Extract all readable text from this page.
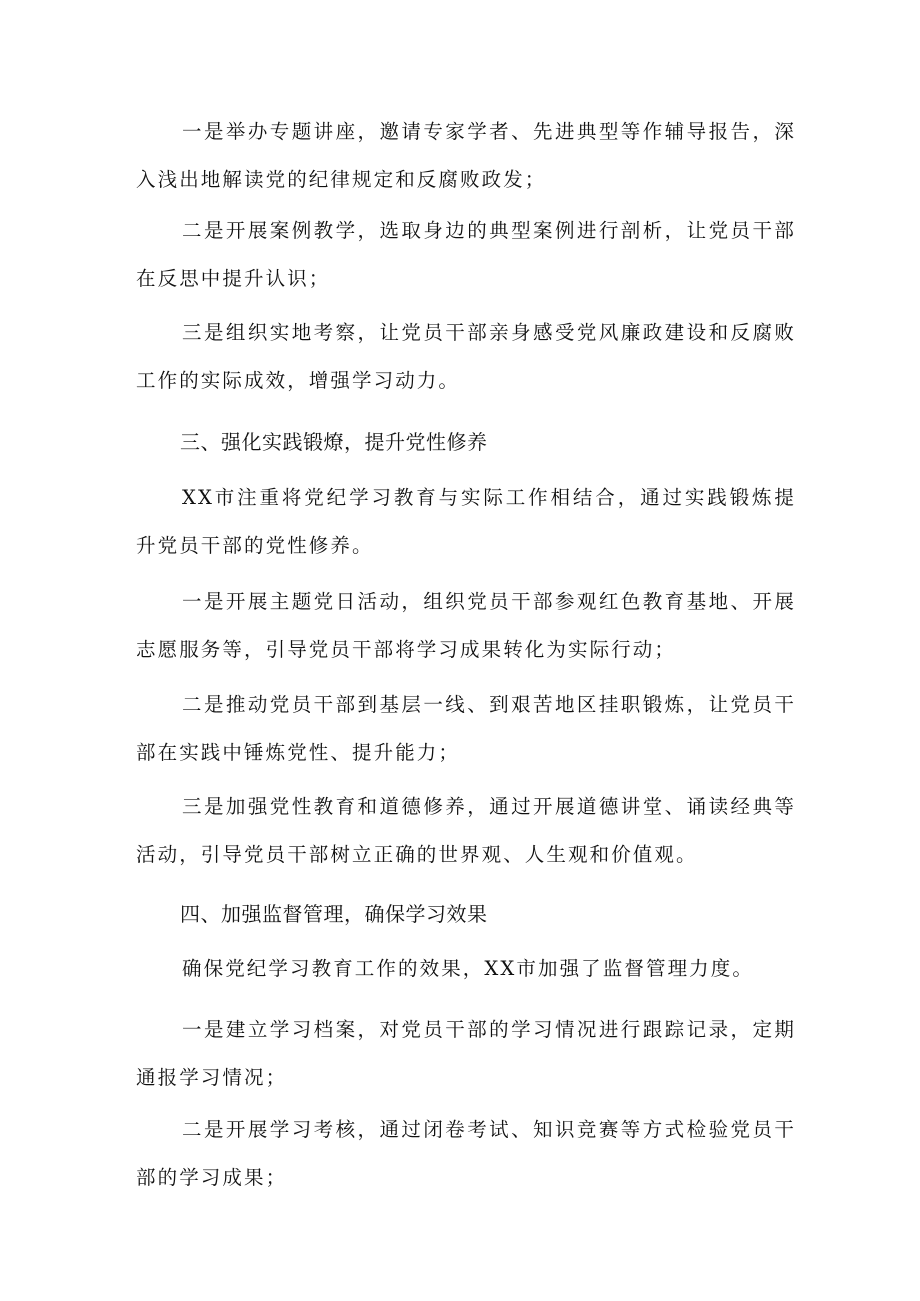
一是举办专题讲座，邀请专家学者、先进典型等作辅导报告，深入浅出地解读党的纪律规定和反腐败政发；

二是开展案例教学，选取身边的典型案例进行剖析，让党员干部在反思中提升认识；

三是组织实地考察，让党员干部亲身感受党风廉政建设和反腐败工作的实际成效，增强学习动力。

三、强化实践锻燎，提升党性修养

XX市注重将党纪学习教育与实际工作相结合，通过实践锻炼提升党员干部的党性修养。

一是开展主题党日活动，组织党员干部参观红色教育基地、开展志愿服务等，引导党员干部将学习成果转化为实际行动；

二是推动党员干部到基层一线、到艰苦地区挂职锻炼，让党员干部在实践中锤炼党性、提升能力；

三是加强党性教育和道德修养，通过开展道德讲堂、诵读经典等活动，引导党员干部树立正确的世界观、人生观和价值观。

四、加强监督管理，确保学习效果

确保党纪学习教育工作的效果，XX市加强了监督管理力度。

一是建立学习档案，对党员干部的学习情况进行跟踪记录，定期通报学习情况；

二是开展学习考核，通过闭卷考试、知识竞赛等方式检验党员干部的学习成果；
